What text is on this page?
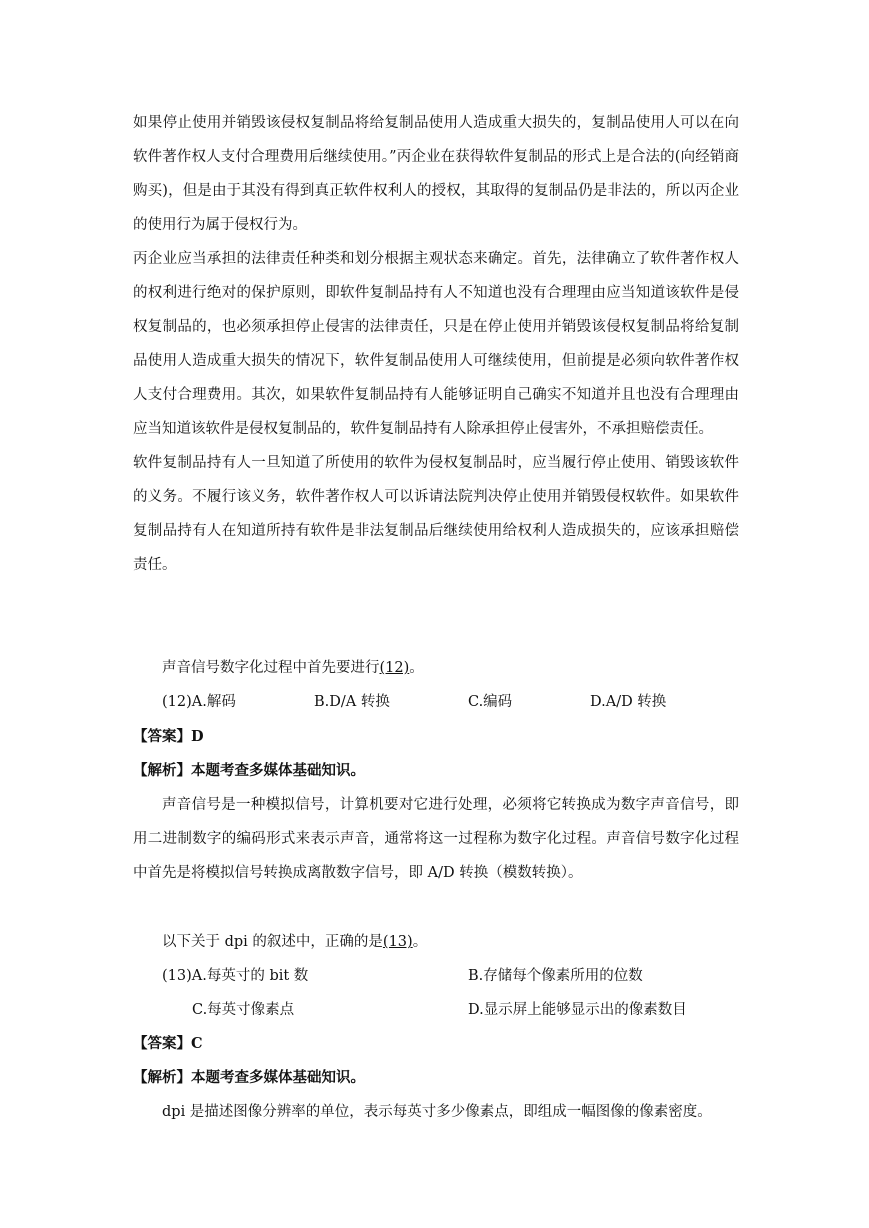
如果停止使用并销毁该侵权复制品将给复制品使用人造成重大损失的，复制品使用人可以在向软件著作权人支付合理费用后继续使用。”丙企业在获得软件复制品的形式上是合法的(向经销商购买)，但是由于其没有得到真正软件权利人的授权，其取得的复制品仍是非法的，所以丙企业的使用行为属于侵权行为。

丙企业应当承担的法律责任种类和划分根据主观状态来确定。首先，法律确立了软件著作权人的权利进行绝对的保护原则，即软件复制品持有人不知道也没有合理理由应当知道该软件是侵权复制品的，也必须承担停止侵害的法律责任，只是在停止使用并销毁该侵权复制品将给复制品使用人造成重大损失的情况下，软件复制品使用人可继续使用，但前提是必须向软件著作权人支付合理费用。其次，如果软件复制品持有人能够证明自己确实不知道并且也没有合理理由应当知道该软件是侵权复制品的，软件复制品持有人除承担停止侵害外，不承担赔偿责任。

软件复制品持有人一旦知道了所使用的软件为侵权复制品时，应当履行停止使用、销毁该软件的义务。不履行该义务，软件著作权人可以诉请法院判决停止使用并销毁侵权软件。如果软件复制品持有人在知道所持有软件是非法复制品后继续使用给权利人造成损失的，应该承担赔偿责任。

声音信号数字化过程中首先要进行(12)。
(12)A.解码	B.D/A 转换	C.编码	D.A/D 转换
【答案】D
【解析】本题考查多媒体基础知识。

声音信号是一种模拟信号，计算机要对它进行处理，必须将它转换成为数字声音信号，即用二进制数字的编码形式来表示声音，通常将这一过程称为数字化过程。声音信号数字化过程中首先是将模拟信号转换成离散数字信号，即 A/D 转换（模数转换）。

以下关于 dpi 的叙述中，正确的是(13)。
(13)A.每英寸的 bit 数	B.存储每个像素所用的位数
C.每英寸像素点	D.显示屏上能够显示出的像素数目
【答案】C
【解析】本题考查多媒体基础知识。

dpi 是描述图像分辨率的单位，表示每英寸多少像素点，即组成一幅图像的像素密度。
